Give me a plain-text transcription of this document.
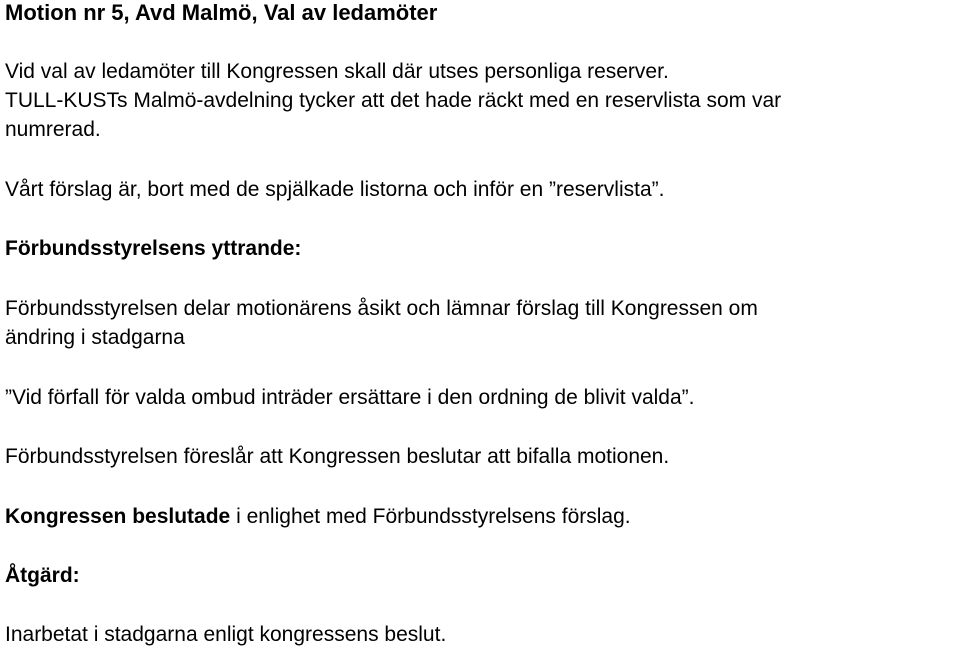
Motion nr 5, Avd Malmö, Val av ledamöter

Vid val av ledamöter till Kongressen skall där utses personliga reserver.

TULL-KUSTs Malmö-avdelning tycker att det hade räckt med en reservlista som var

numrerad.

Vårt förslag är, bort med de spjälkade listorna och inför en ”reservlista”.

Förbundsstyrelsens yttrande:

Förbundsstyrelsen delar motionärens åsikt och lämnar förslag till Kongressen om

ändring i stadgarna

”Vid förfall för valda ombud inträder ersättare i den ordning de blivit valda”.

Förbundsstyrelsen föreslår att Kongressen beslutar att bifalla motionen.

Kongressen beslutade i enlighet med Förbundsstyrelsens förslag.

Åtgärd:

Inarbetat i stadgarna enligt kongressens beslut.
